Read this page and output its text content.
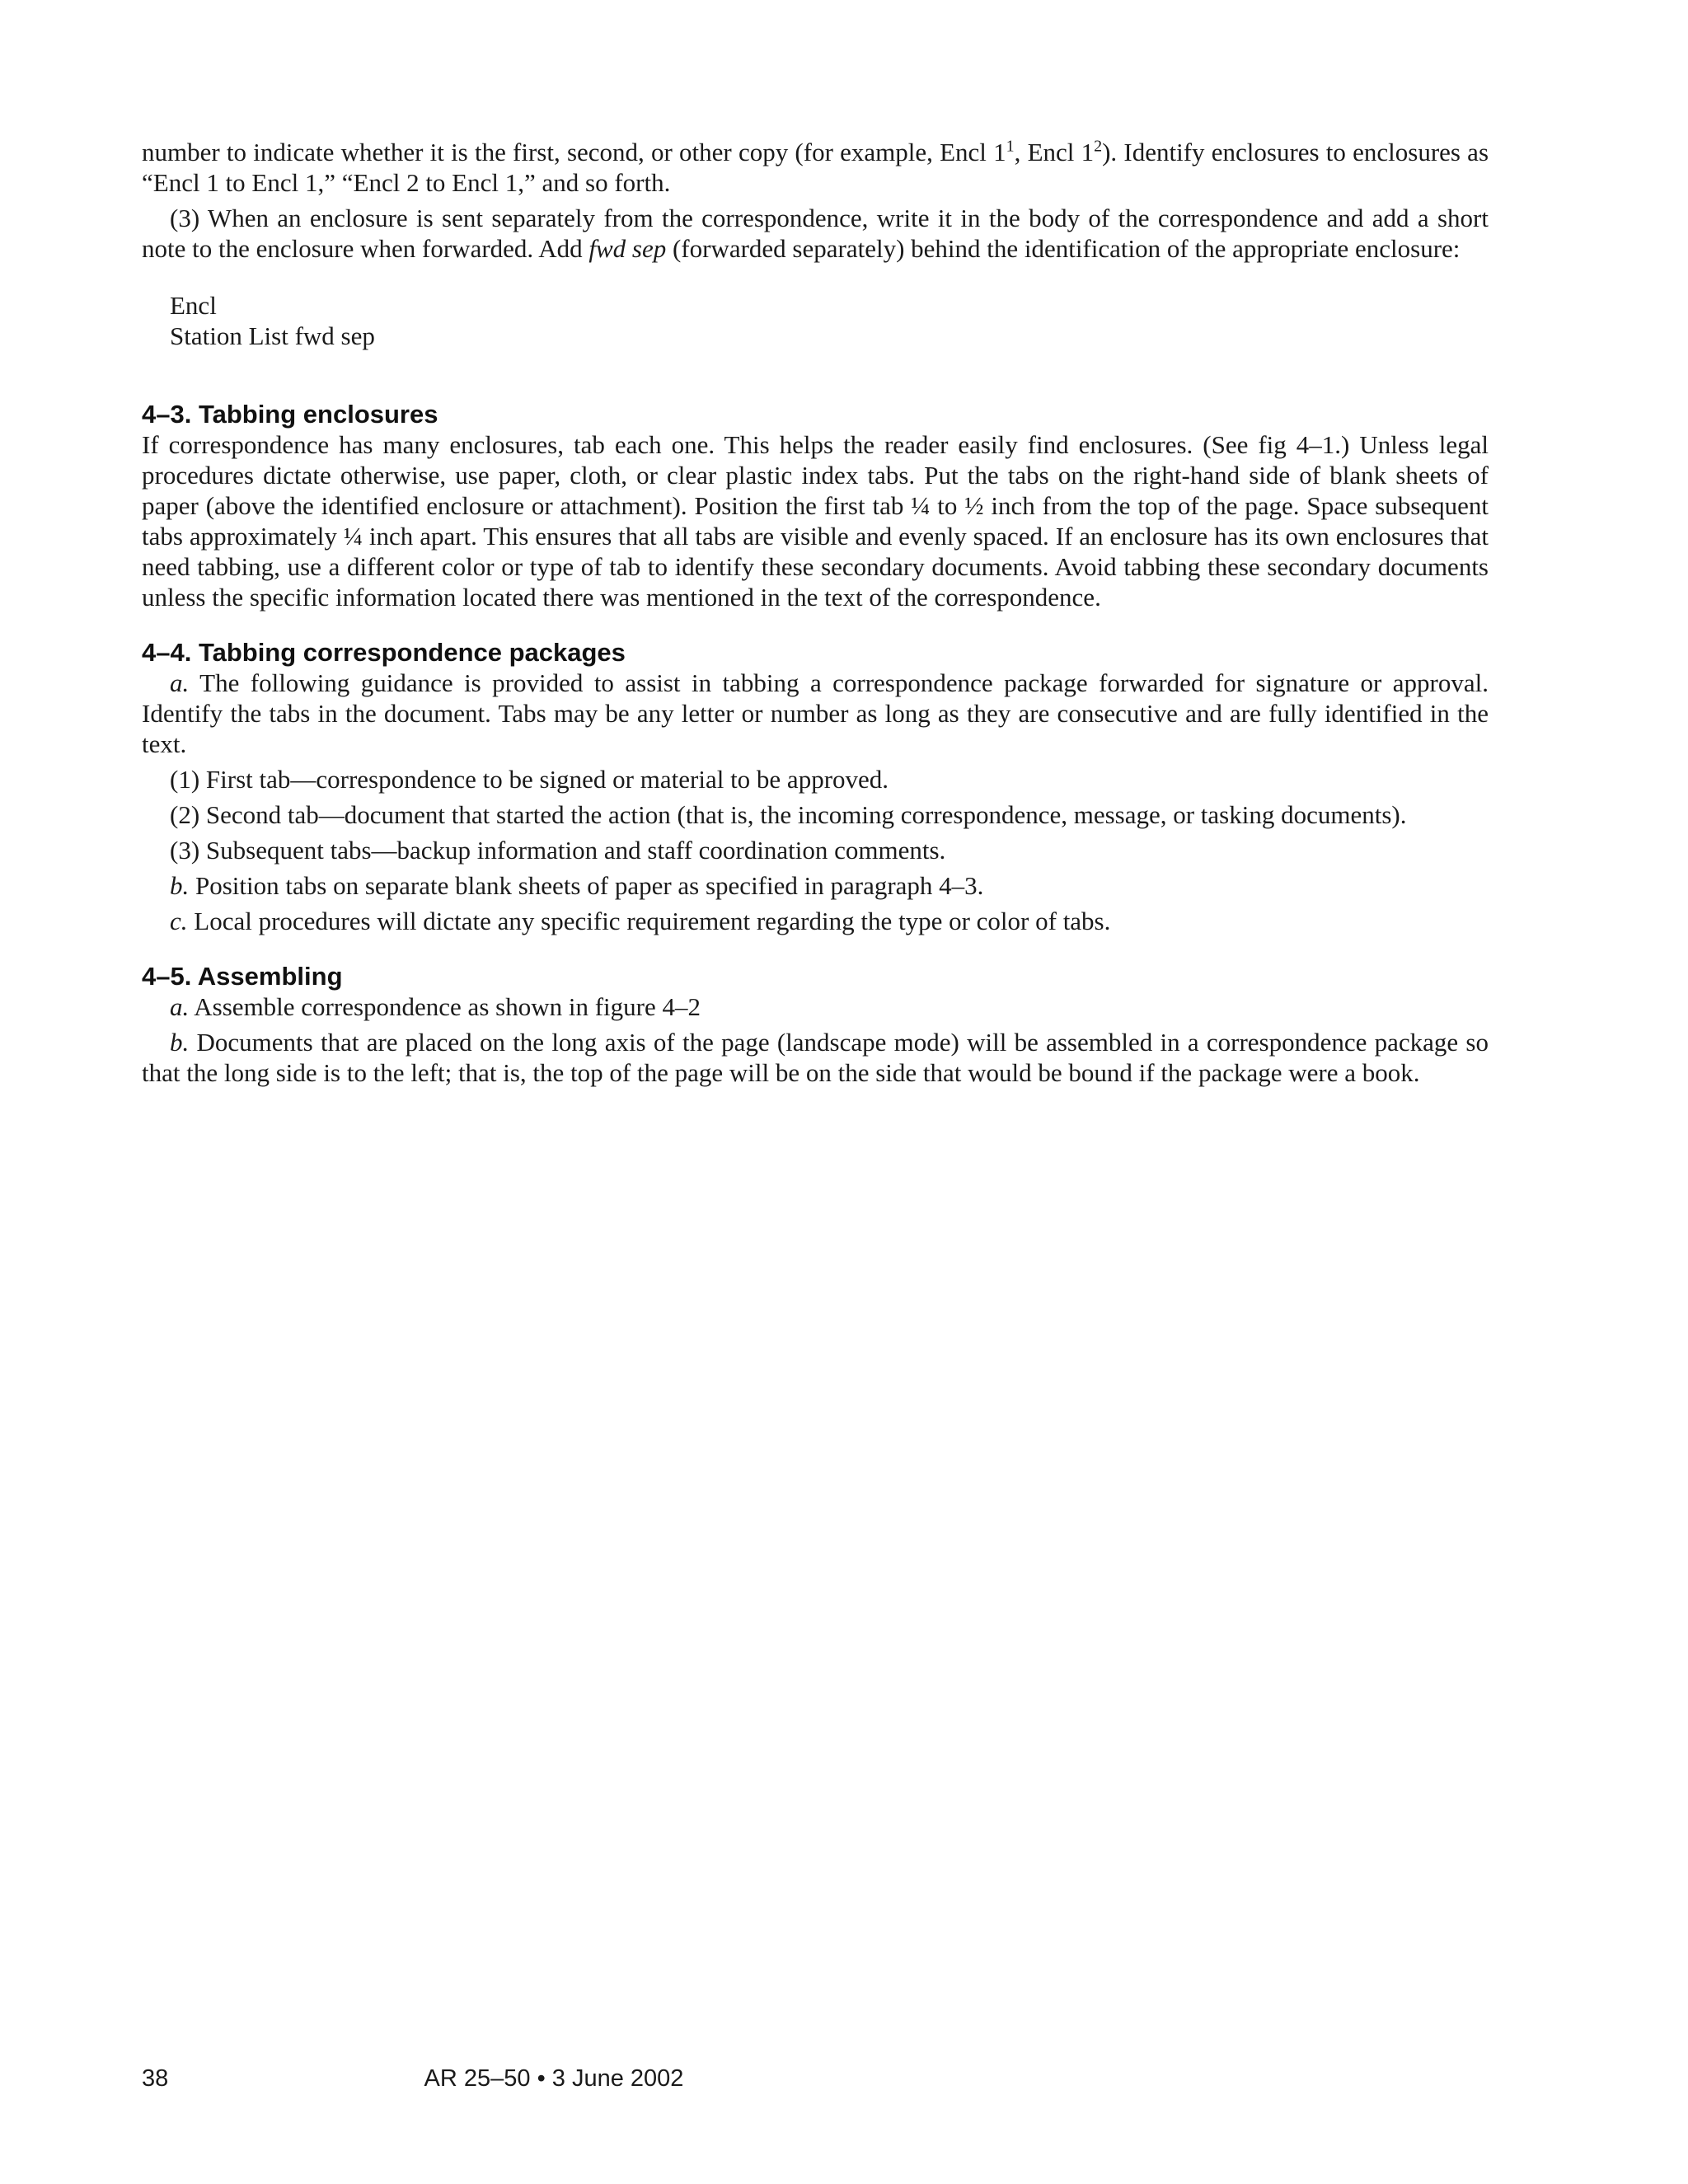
number to indicate whether it is the first, second, or other copy (for example, Encl $1^1$, Encl $1^2$). Identify enclosures to enclosures as “Encl 1 to Encl 1,” “Encl 2 to Encl 1,” and so forth.

(3) When an enclosure is sent separately from the correspondence, write it in the body of the correspondence and add a short note to the enclosure when forwarded. Add fwd sep (forwarded separately) behind the identification of the appropriate enclosure:

Encl
Station List fwd sep
4–3. Tabbing enclosures

If correspondence has many enclosures, tab each one. This helps the reader easily find enclosures. (See fig 4–1.) Unless legal procedures dictate otherwise, use paper, cloth, or clear plastic index tabs. Put the tabs on the right-hand side of blank sheets of paper (above the identified enclosure or attachment). Position the first tab ¼ to ½ inch from the top of the page. Space subsequent tabs approximately ¼ inch apart. This ensures that all tabs are visible and evenly spaced. If an enclosure has its own enclosures that need tabbing, use a different color or type of tab to identify these secondary documents. Avoid tabbing these secondary documents unless the specific information located there was mentioned in the text of the correspondence.

4–4. Tabbing correspondence packages

a. The following guidance is provided to assist in tabbing a correspondence package forwarded for signature or approval. Identify the tabs in the document. Tabs may be any letter or number as long as they are consecutive and are fully identified in the text.

(1) First tab—correspondence to be signed or material to be approved.

(2) Second tab—document that started the action (that is, the incoming correspondence, message, or tasking documents).

(3) Subsequent tabs—backup information and staff coordination comments.

b. Position tabs on separate blank sheets of paper as specified in paragraph 4–3.

c. Local procedures will dictate any specific requirement regarding the type or color of tabs.

4–5. Assembling

a. Assemble correspondence as shown in figure 4–2

b. Documents that are placed on the long axis of the page (landscape mode) will be assembled in a correspondence package so that the long side is to the left; that is, the top of the page will be on the side that would be bound if the package were a book.

38	AR 25–50 • 3 June 2002
